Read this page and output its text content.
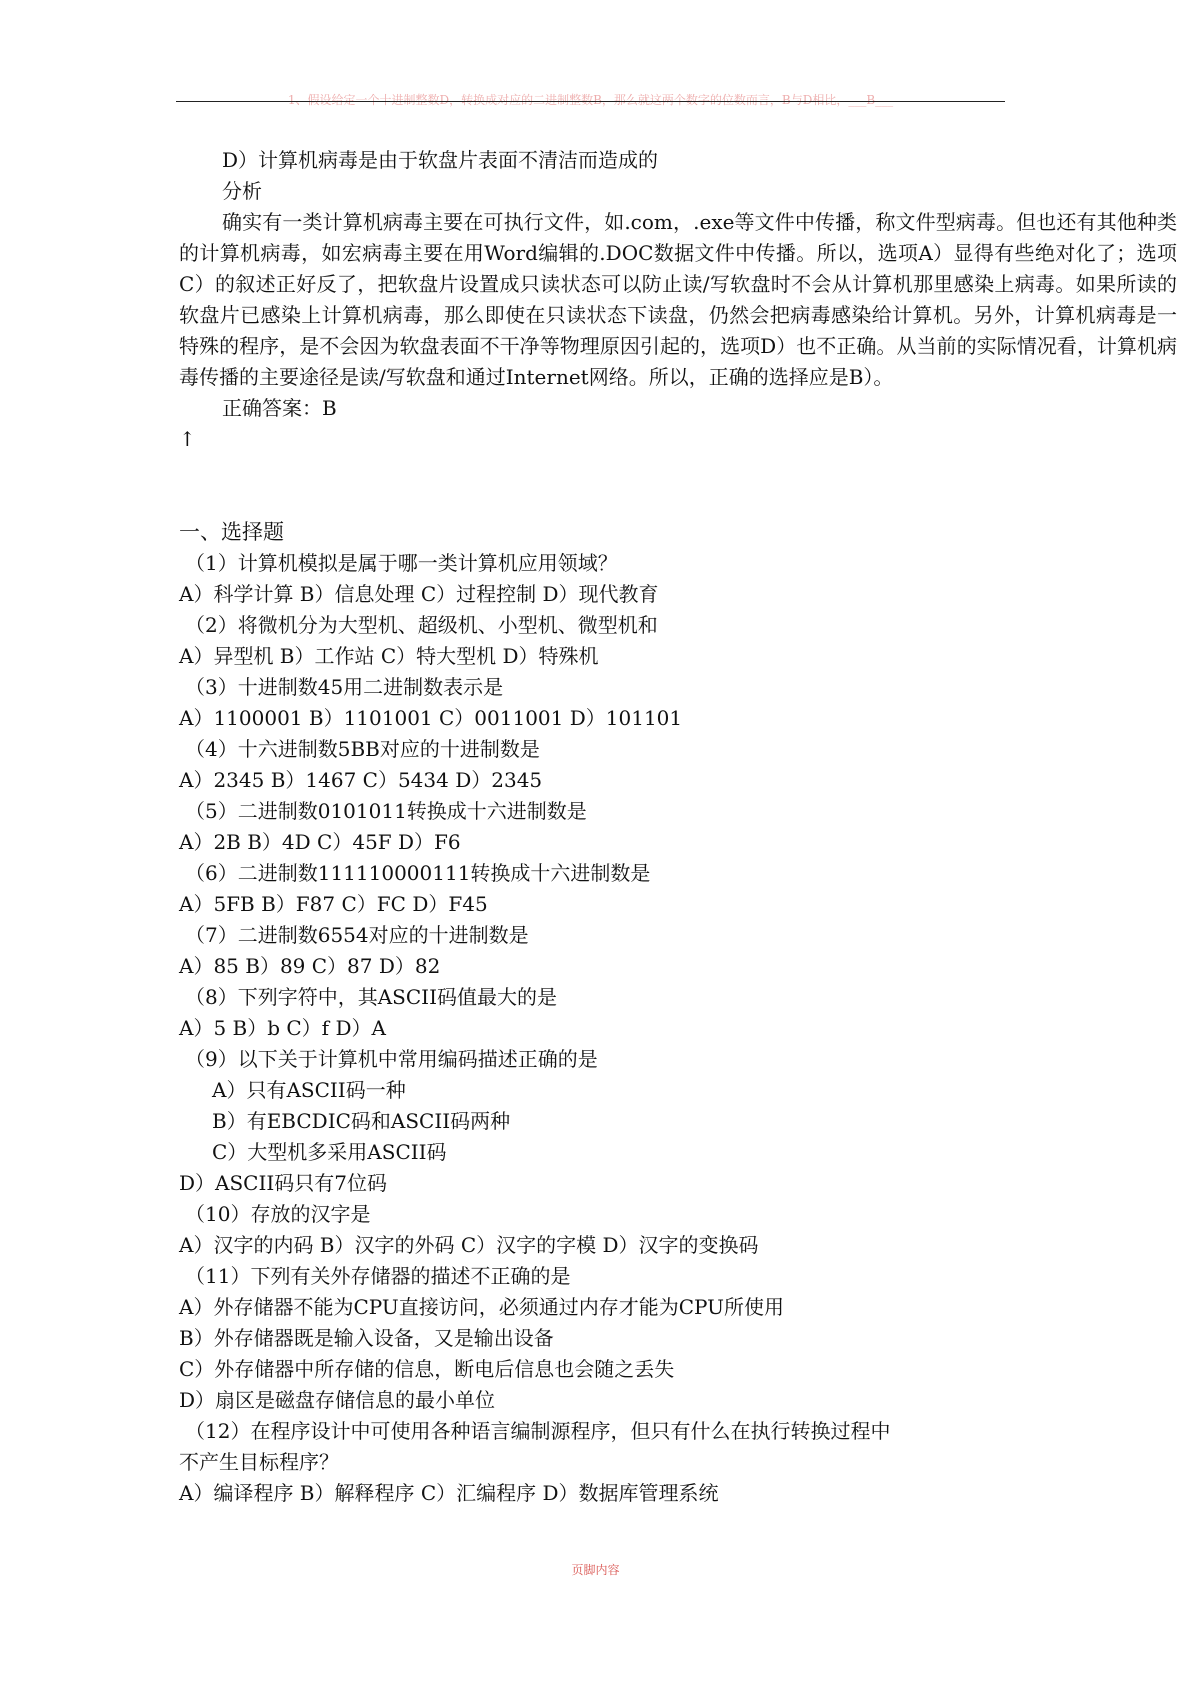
1、假设给定一个十进制整数D，转换成对应的二进制整数B，那么就这两个数字的位数而言，B与D相比，___B___

D）计算机病毒是由于软盘片表面不清洁而造成的

分析

确实有一类计算机病毒主要在可执行文件，如.com，.exe等文件中传播，称文件型病毒。但也还有其他种类的计算机病毒，如宏病毒主要在用Word编辑的.DOC数据文件中传播。所以，选项A）显得有些绝对化了；选项C）的叙述正好反了，把软盘片设置成只读状态可以防止读/写软盘时不会从计算机那里感染上病毒。如果所读的软盘片已感染上计算机病毒，那么即使在只读状态下读盘，仍然会把病毒感染给计算机。另外，计算机病毒是一特殊的程序，是不会因为软盘表面不干净等物理原因引起的，选项D）也不正确。从当前的实际情况看，计算机病毒传播的主要途径是读/写软盘和通过Internet网络。所以，正确的选择应是B）。

正确答案：B

↑

一、选择题

（1）计算机模拟是属于哪一类计算机应用领域？

A）科学计算 B）信息处理 C）过程控制 D）现代教育

（2）将微机分为大型机、超级机、小型机、微型机和

A）异型机 B）工作站 C）特大型机 D）特殊机

（3）十进制数45用二进制数表示是

A）1100001 B）1101001 C）0011001 D）101101

（4）十六进制数5BB对应的十进制数是

A）2345 B）1467 C）5434 D）2345

（5）二进制数0101011转换成十六进制数是

A）2B B）4D C）45F D）F6

（6）二进制数111110000111转换成十六进制数是

A）5FB B）F87 C）FC D）F45

（7）二进制数6554对应的十进制数是

A）85 B）89 C）87 D）82

（8）下列字符中，其ASCII码值最大的是

A）5 B）b C）f D）A

（9）以下关于计算机中常用编码描述正确的是

A）只有ASCII码一种

B）有EBCDIC码和ASCII码两种

C）大型机多采用ASCII码

D）ASCII码只有7位码

（10）存放的汉字是

A）汉字的内码 B）汉字的外码 C）汉字的字模 D）汉字的变换码

（11）下列有关外存储器的描述不正确的是

A）外存储器不能为CPU直接访问，必须通过内存才能为CPU所使用

B）外存储器既是输入设备，又是输出设备

C）外存储器中所存储的信息，断电后信息也会随之丢失

D）扇区是磁盘存储信息的最小单位

（12）在程序设计中可使用各种语言编制源程序，但只有什么在执行转换过程中

不产生目标程序？

A）编译程序 B）解释程序 C）汇编程序 D）数据库管理系统

页脚内容
